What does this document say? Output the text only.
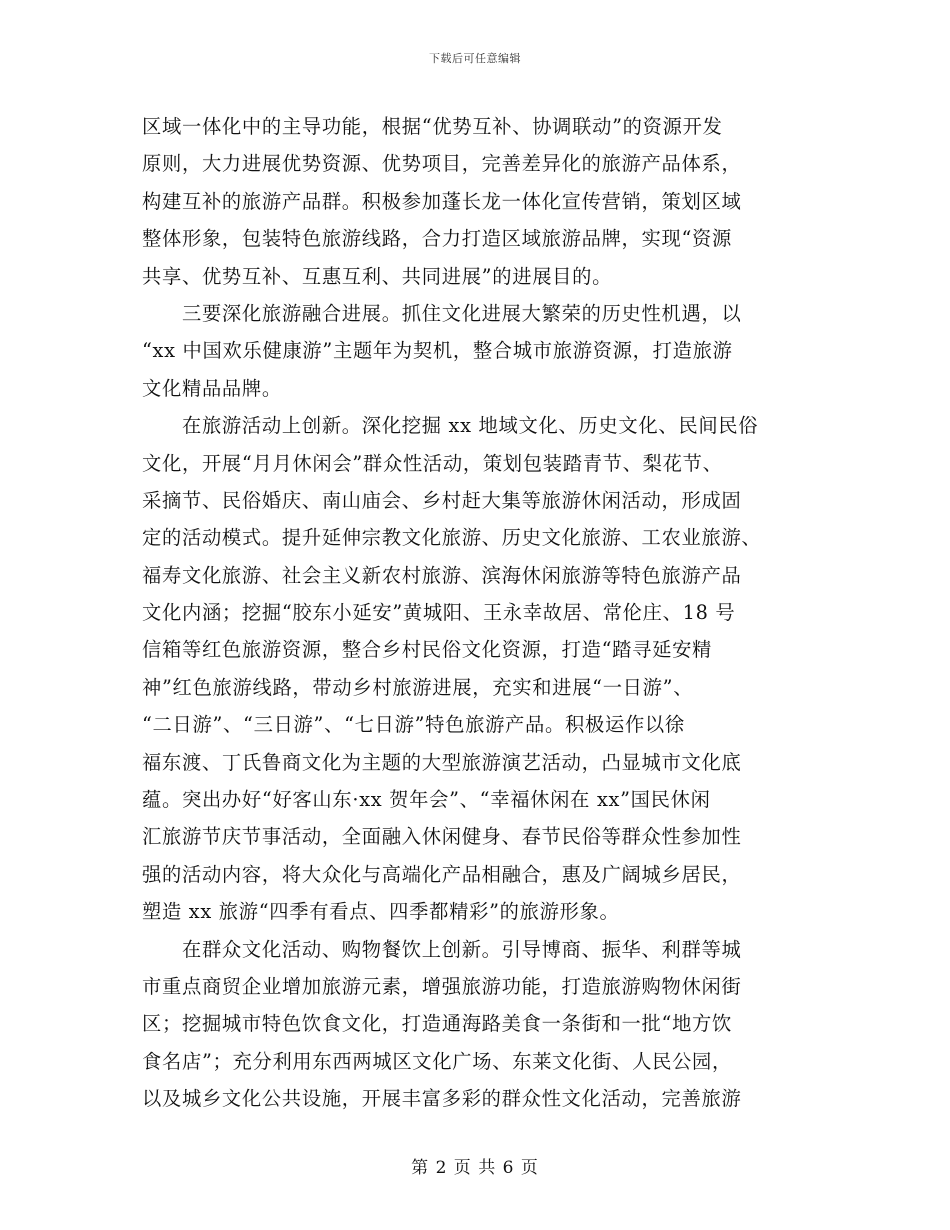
下载后可任意编辑
区域一体化中的主导功能，根据“优势互补、协调联动”的资源开发
原则，大力进展优势资源、优势项目，完善差异化的旅游产品体系，
构建互补的旅游产品群。积极参加蓬长龙一体化宣传营销，策划区域
整体形象，包装特色旅游线路，合力打造区域旅游品牌，实现“资源
共享、优势互补、互惠互利、共同进展”的进展目的。
　　三要深化旅游融合进展。抓住文化进展大繁荣的历史性机遇，以
“xx 中国欢乐健康游”主题年为契机，整合城市旅游资源，打造旅游
文化精品品牌。
　　在旅游活动上创新。深化挖掘 xx 地域文化、历史文化、民间民俗
文化，开展“月月休闲会”群众性活动，策划包装踏青节、梨花节、
采摘节、民俗婚庆、南山庙会、乡村赶大集等旅游休闲活动，形成固
定的活动模式。提升延伸宗教文化旅游、历史文化旅游、工农业旅游、
福寿文化旅游、社会主义新农村旅游、滨海休闲旅游等特色旅游产品
文化内涵；挖掘“胶东小延安”黄城阳、王永幸故居、常伦庄、18 号
信箱等红色旅游资源，整合乡村民俗文化资源，打造“踏寻延安精
神”红色旅游线路，带动乡村旅游进展，充实和进展“一日游”、
“二日游”、“三日游”、“七日游”特色旅游产品。积极运作以徐
福东渡、丁氏鲁商文化为主题的大型旅游演艺活动，凸显城市文化底
蕴。突出办好“好客山东·xx 贺年会”、“幸福休闲在 xx”国民休闲
汇旅游节庆节事活动，全面融入休闲健身、春节民俗等群众性参加性
强的活动内容，将大众化与高端化产品相融合，惠及广阔城乡居民，
塑造 xx 旅游“四季有看点、四季都精彩”的旅游形象。
　　在群众文化活动、购物餐饮上创新。引导博商、振华、利群等城
市重点商贸企业增加旅游元素，增强旅游功能，打造旅游购物休闲街
区；挖掘城市特色饮食文化，打造通海路美食一条街和一批“地方饮
食名店”；充分利用东西两城区文化广场、东莱文化街、人民公园，
以及城乡文化公共设施，开展丰富多彩的群众性文化活动，完善旅游
第 2 页 共 6 页
